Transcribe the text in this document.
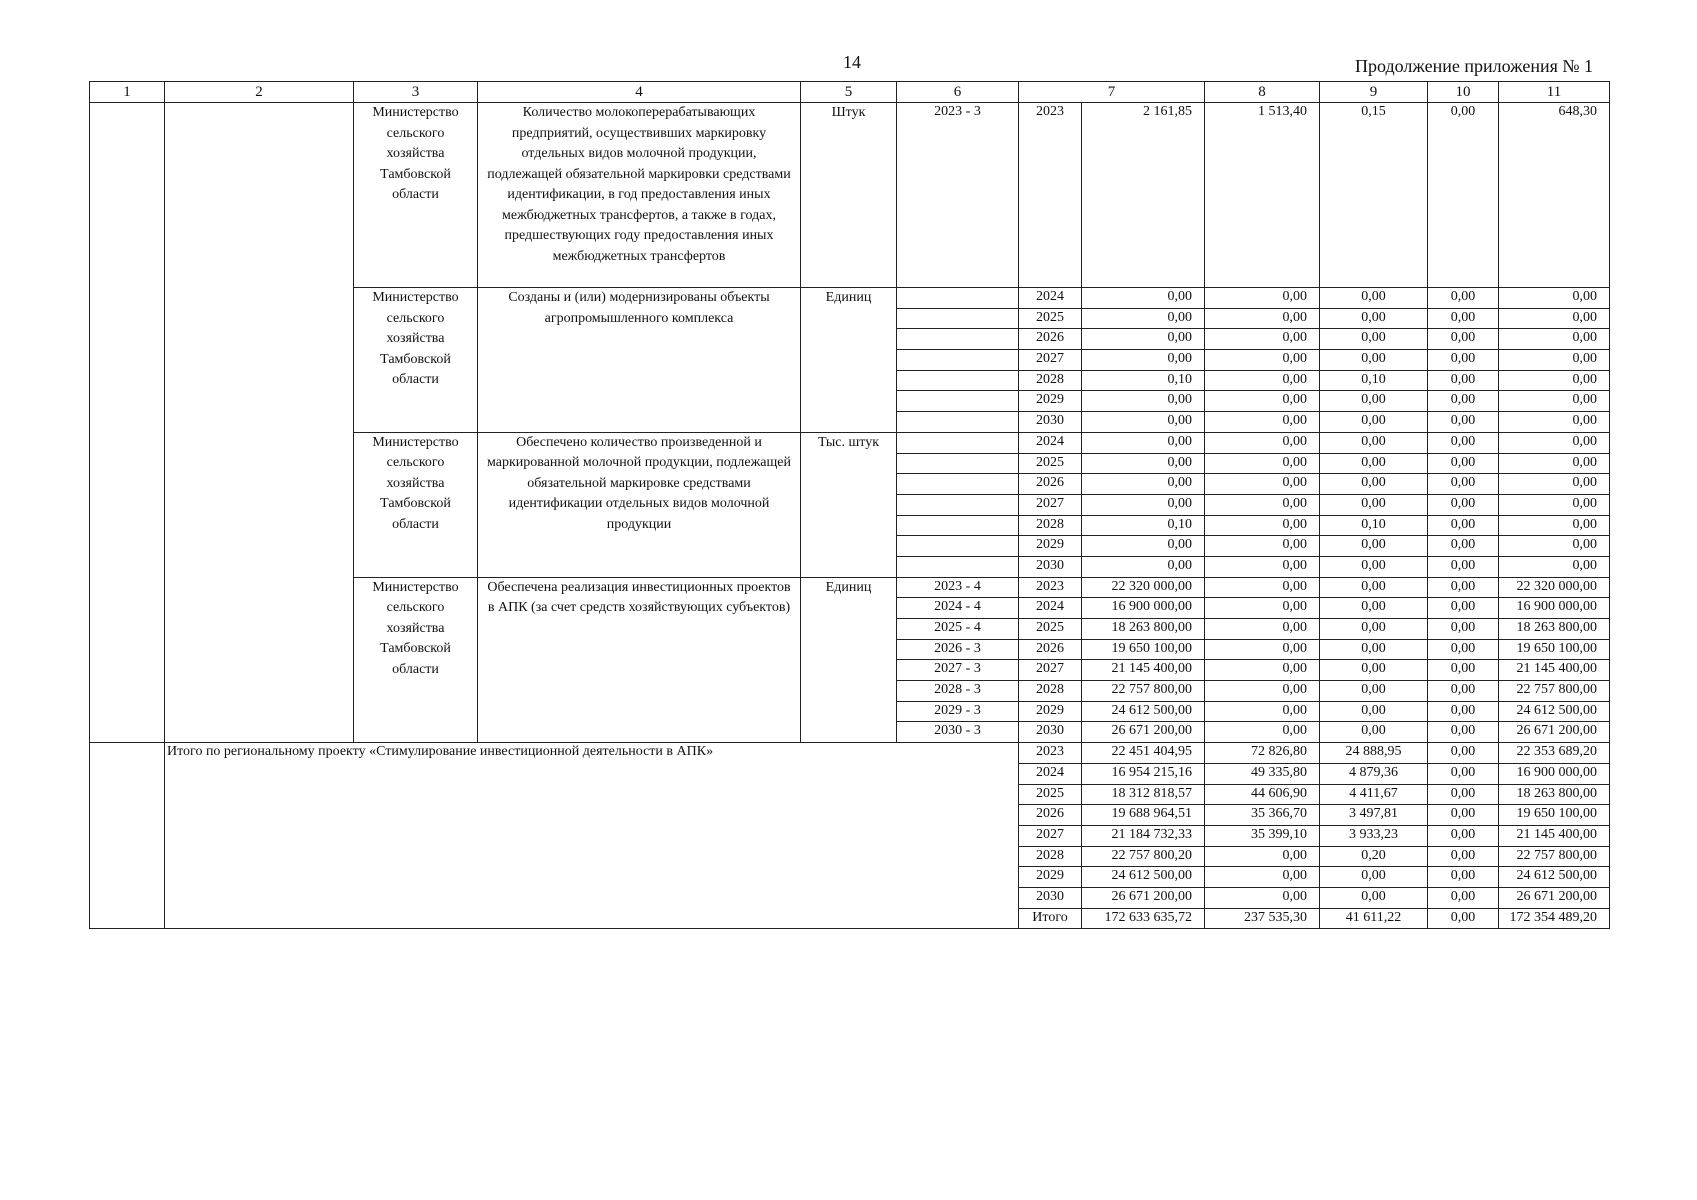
14	Продолжение приложения № 1
1	2	3	4	5	6	7		8	9	10	11
		Министерство сельского хозяйства Тамбовской области	Количество молокоперерабатывающих предприятий, осуществивших маркировку отдельных видов молочной продукции, подлежащей обязательной маркировки средствами идентификации, в год предоставления иных межбюджетных трансфертов, а также в годах, предшествующих году предоставления иных межбюджетных трансфертов	Штук	2023 - 3	2023	2 161,85	1 513,40	0,15	0,00	648,30
		Министерство сельского хозяйства Тамбовской области	Созданы и (или) модернизированы объекты агропромышленного комплекса	Единиц		2024	0,00	0,00	0,00	0,00	0,00
						2025	0,00	0,00	0,00	0,00	0,00
						2026	0,00	0,00	0,00	0,00	0,00
						2027	0,00	0,00	0,00	0,00	0,00
						2028	0,10	0,00	0,10	0,00	0,00
						2029	0,00	0,00	0,00	0,00	0,00
						2030	0,00	0,00	0,00	0,00	0,00
		Министерство сельского хозяйства Тамбовской области	Обеспечено количество произведенной и маркированной молочной продукции, подлежащей обязательной маркировке средствами идентификации отдельных видов молочной продукции	Тыс. штук		2024	0,00	0,00	0,00	0,00	0,00
						2025	0,00	0,00	0,00	0,00	0,00
						2026	0,00	0,00	0,00	0,00	0,00
						2027	0,00	0,00	0,00	0,00	0,00
						2028	0,10	0,00	0,10	0,00	0,00
						2029	0,00	0,00	0,00	0,00	0,00
						2030	0,00	0,00	0,00	0,00	0,00
		Министерство сельского хозяйства Тамбовской области	Обеспечена реализация инвестиционных проектов в АПК (за счет средств хозяйствующих субъектов)	Единиц	2023 - 4	2023	22 320 000,00	0,00	0,00	0,00	22 320 000,00
					2024 - 4	2024	16 900 000,00	0,00	0,00	0,00	16 900 000,00
					2025 - 4	2025	18 263 800,00	0,00	0,00	0,00	18 263 800,00
					2026 - 3	2026	19 650 100,00	0,00	0,00	0,00	19 650 100,00
					2027 - 3	2027	21 145 400,00	0,00	0,00	0,00	21 145 400,00
					2028 - 3	2028	22 757 800,00	0,00	0,00	0,00	22 757 800,00
					2029 - 3	2029	24 612 500,00	0,00	0,00	0,00	24 612 500,00
					2030 - 3	2030	26 671 200,00	0,00	0,00	0,00	26 671 200,00
	Итого по региональному проекту «Стимулирование инвестиционной деятельности в АПК»					2023	22 451 404,95	72 826,80	24 888,95	0,00	22 353 689,20
						2024	16 954 215,16	49 335,80	4 879,36	0,00	16 900 000,00
						2025	18 312 818,57	44 606,90	4 411,67	0,00	18 263 800,00
						2026	19 688 964,51	35 366,70	3 497,81	0,00	19 650 100,00
						2027	21 184 732,33	35 399,10	3 933,23	0,00	21 145 400,00
						2028	22 757 800,20	0,00	0,20	0,00	22 757 800,00
						2029	24 612 500,00	0,00	0,00	0,00	24 612 500,00
						2030	26 671 200,00	0,00	0,00	0,00	26 671 200,00
						Итого	172 633 635,72	237 535,30	41 611,22	0,00	172 354 489,20
